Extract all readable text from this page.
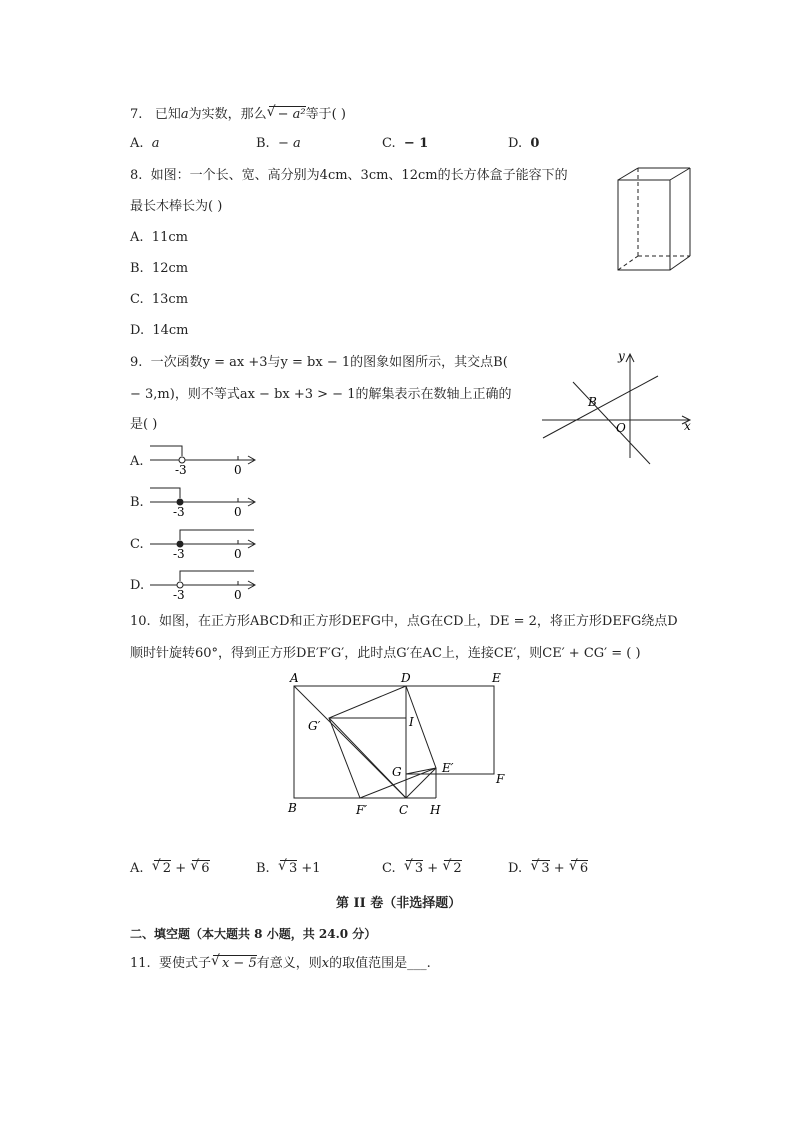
7. 已知a为实数，那么 √ − a²等于( )
A. a	B. − a	C. − 1	D. 0
8. 如图：一个长、宽、高分别为4cm、3cm、12cm的长方体盒子能容下的
最长木棒长为( )
A. 11cm
B. 12cm
C. 13cm
D. 14cm
9. 一次函数y = ax +3与y = bx − 1的图象如图所示，其交点B(
− 3,m)，则不等式ax − bx +3 > − 1的解集表示在数轴上正确的
是( )
y
x
B
O
A.
-3	0
B.
-3	0
C.
-3	0
D.
-3	0
10. 如图，在正方形ABCD和正方形DEFG中，点G在CD上，DE = 2，将正方形DEFG绕点D
顺时针旋转60°，得到正方形DE′F′G′，此时点G′在AC上，连接CE′，则CE′ + CG′ = ( )
A	D	E
G′	I
G	E′
F
B	F′	C H
A. √ 2 + √ 6	B. √ 3 +1	C. √ 3 + √ 2	D. √ 3 + √ 6
第 II 卷（非选择题）
二、填空题（本大题共 8 小题，共 24.0 分）
11. 要使式子 √ x − 5有意义，则x的取值范围是___.
